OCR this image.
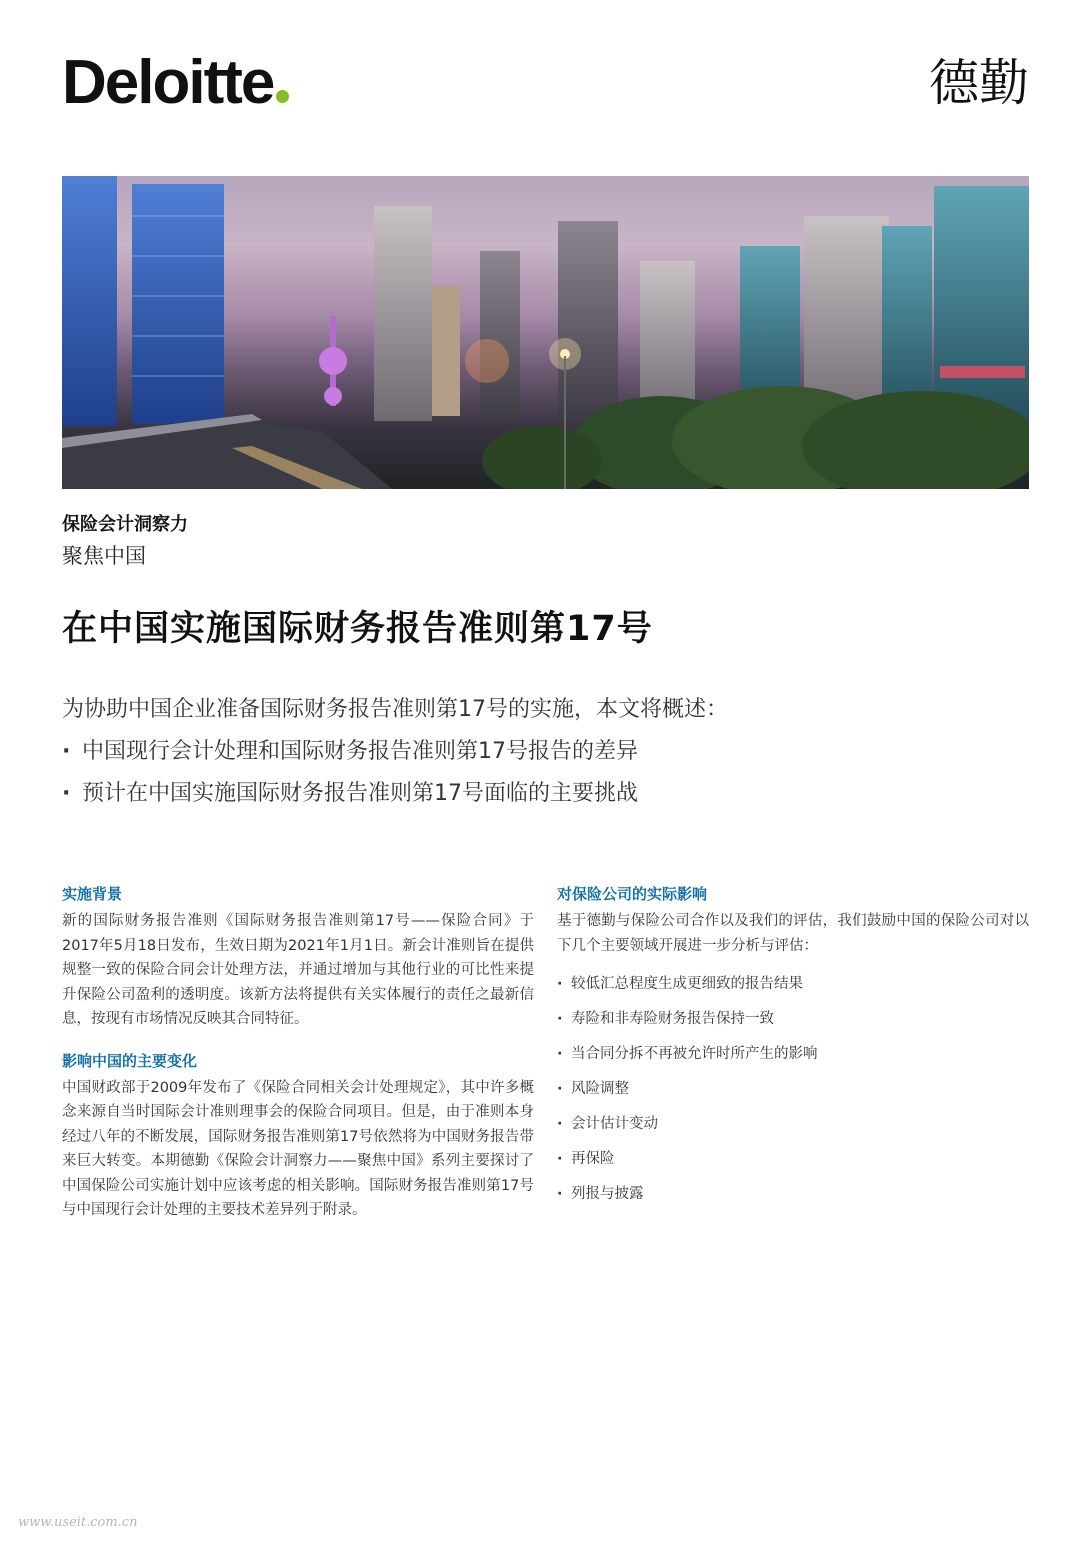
Deloitte	德勤
保险会计洞察力
聚焦中国
在中国实施国际财务报告准则第17号

为协助中国企业准备国际财务报告准则第17号的实施，本文将概述：

· 中国现行会计处理和国际财务报告准则第17号报告的差异

· 预计在中国实施国际财务报告准则第17号面临的主要挑战

实施背景

新的国际财务报告准则《国际财务报告准则第17号——保险合同》于2017年5月18日发布，生效日期为2021年1月1日。新会计准则旨在提供规整一致的保险合同会计处理方法，并通过增加与其他行业的可比性来提升保险公司盈利的透明度。该新方法将提供有关实体履行的责任之最新信息，按现有市场情况反映其合同特征。

影响中国的主要变化

中国财政部于2009年发布了《保险合同相关会计处理规定》，其中许多概念来源自当时国际会计准则理事会的保险合同项目。但是，由于准则本身经过八年的不断发展，国际财务报告准则第17号依然将为中国财务报告带来巨大转变。本期德勤《保险会计洞察力——聚焦中国》系列主要探讨了中国保险公司实施计划中应该考虑的相关影响。国际财务报告准则第17号与中国现行会计处理的主要技术差异列于附录。

对保险公司的实际影响

基于德勤与保险公司合作以及我们的评估，我们鼓励中国的保险公司对以下几个主要领域开展进一步分析与评估：

· 较低汇总程度生成更细致的报告结果
· 寿险和非寿险财务报告保持一致
· 当合同分拆不再被允许时所产生的影响
· 风险调整
· 会计估计变动
· 再保险
· 列报与披露
www.useit.com.cn
